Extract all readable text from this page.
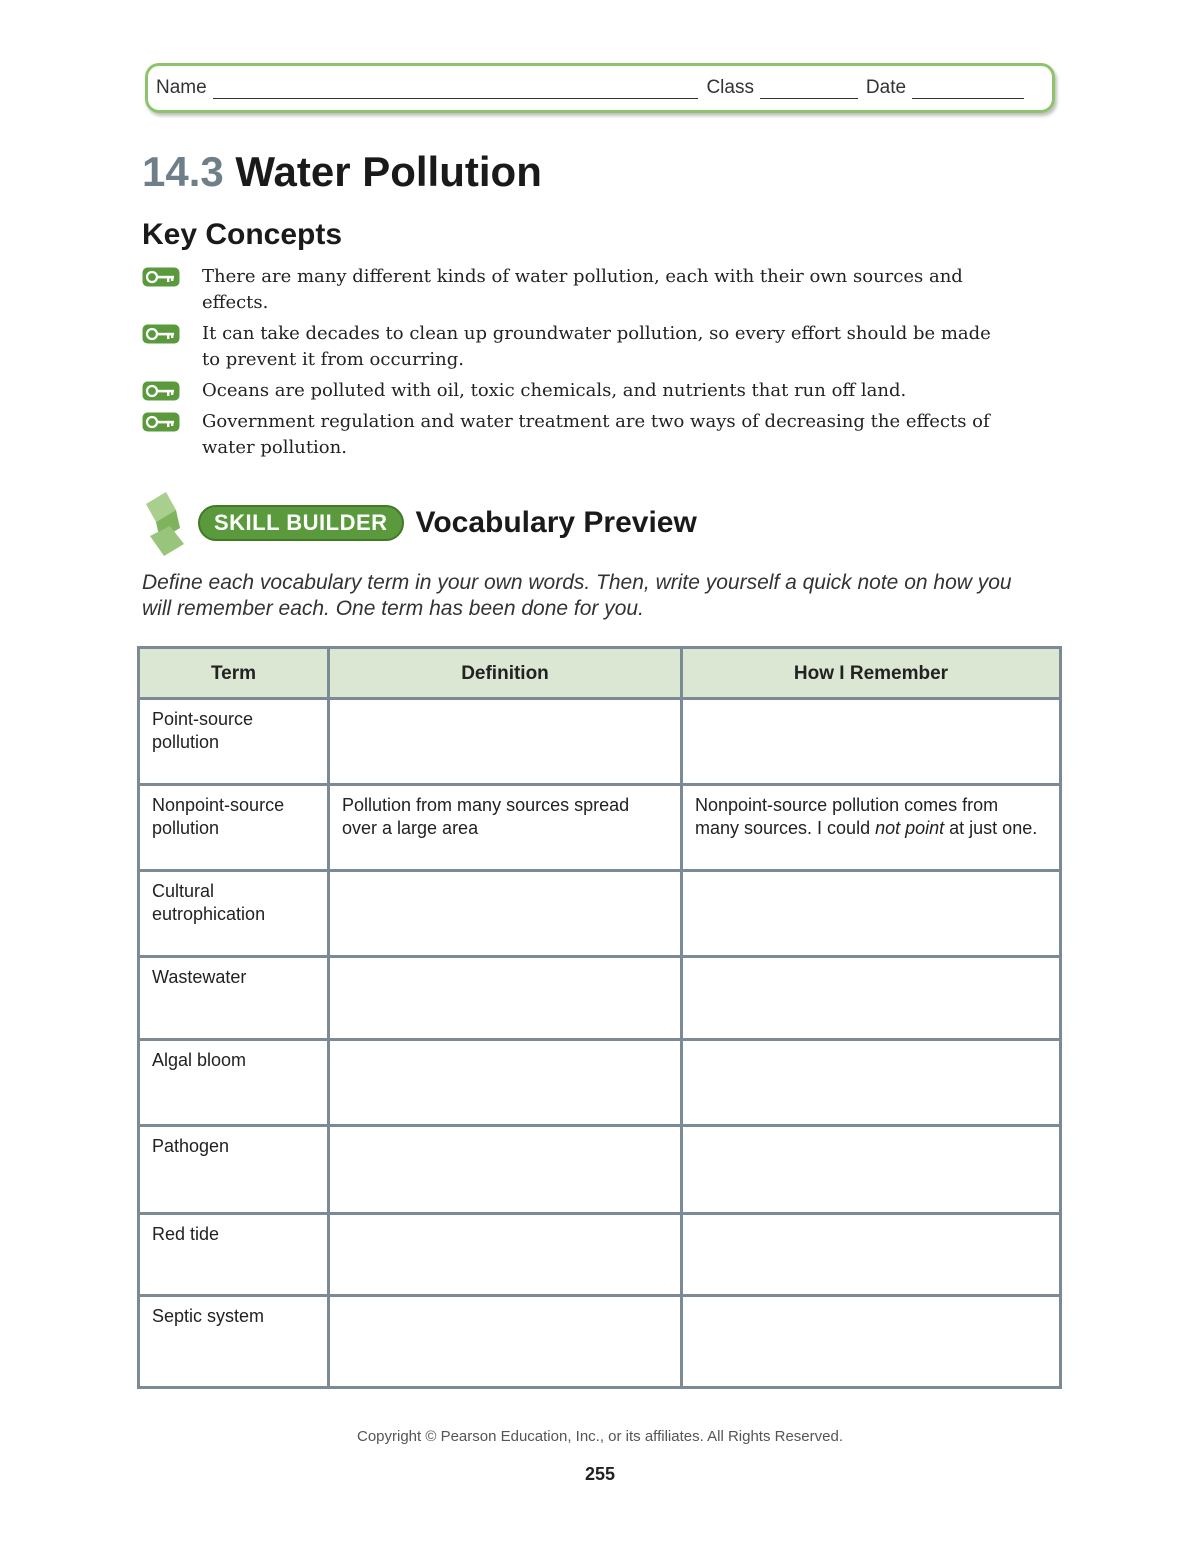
Name	Class	Date
14.3 Water Pollution
Key Concepts
There are many different kinds of water pollution, each with their own sources and effects.
It can take decades to clean up groundwater pollution, so every effort should be made to prevent it from occurring.
Oceans are polluted with oil, toxic chemicals, and nutrients that run off land.
Government regulation and water treatment are two ways of decreasing the effects of water pollution.
SKILL BUILDER Vocabulary Preview
Define each vocabulary term in your own words. Then, write yourself a quick note on how you will remember each. One term has been done for you.
Term	Definition	How I Remember
Point-source pollution		
Nonpoint-source pollution	Pollution from many sources spread over a large area	Nonpoint-source pollution comes from many sources. I could not point at just one.
Cultural eutrophication		
Wastewater		
Algal bloom		
Pathogen		
Red tide		
Septic system		
Copyright © Pearson Education, Inc., or its affiliates. All Rights Reserved.
255
